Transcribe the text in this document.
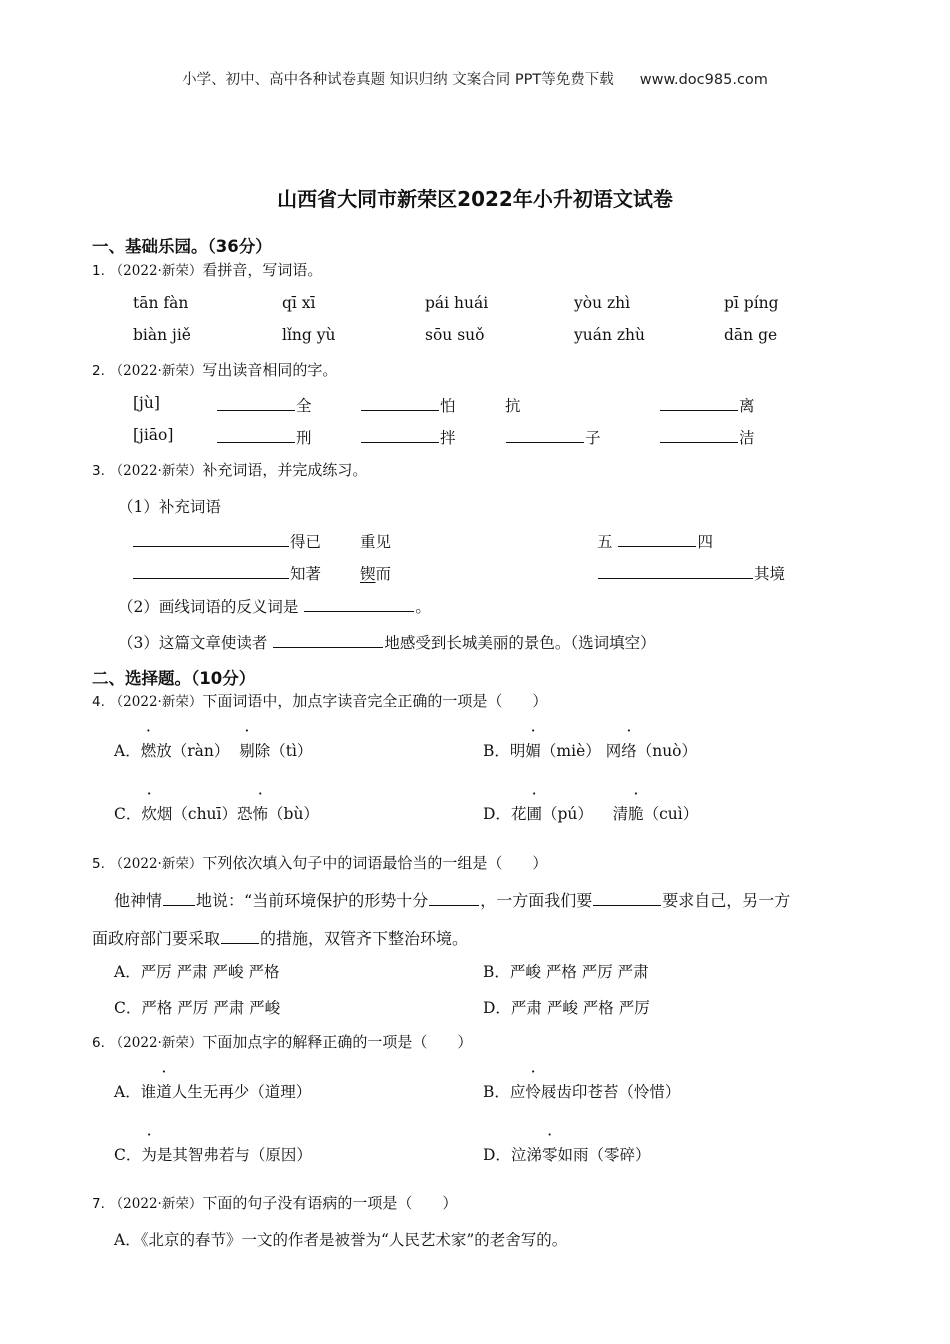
小学、初中、高中各种试卷真题 知识归纳 文案合同 PPT等免费下载 www.doc985.com
山西省大同市新荣区2022年小升初语文试卷
一、基础乐园。（36分）
1. （2022·新荣）看拼音，写词语。
tān fàn	qī xī	pái huái	yòu zhì	pī píng
biàn jiě	lǐng yù	sōu suǒ	yuán zhù	dān ge
2. （2022·新荣）写出读音相同的字。
[jù]	全	怕	抗	离
[jiāo]	刑	拌	子	洁
3. （2022·新荣）补充词语，并完成练习。
（1）补充词语
得已	重见	五	四
知著	锲而	其境
（2）画线词语的反义词是	。
（3）这篇文章使读者	地感受到长城美丽的景色。（选词填空）
二、选择题。（10分）
4. （2022·新荣）下面词语中，加点字读音完全正确的一项是（　　）
A．燃放（ràn） 剔除（tì）	B．明媚（miè） 网络（nuò）
C．炊烟（chuī）恐怖（bù）	D．花圃（pú） 清脆（cuì）
5. （2022·新荣）下列依次填入句子中的词语最恰当的一组是（　　）
他神情 地说：“当前环境保护的形势十分	，一方面我们要	要求自己，另一方
面政府部门要采取	的措施，双管齐下整治环境。
A．严厉 严肃 严峻 严格	B．严峻 严格 严厉 严肃
C．严格 严厉 严肃 严峻	D．严肃 严峻 严格 严厉
6. （2022·新荣）下面加点字的解释正确的一项是（　　）
A．谁道人生无再少（道理）	B．应怜屐齿印苍苔（怜惜）
C．为是其智弗若与（原因）	D．泣涕零如雨（零碎）
7. （2022·新荣）下面的句子没有语病的一项是（　　）
A．《北京的春节》一文的作者是被誉为“人民艺术家”的老舍写的。
